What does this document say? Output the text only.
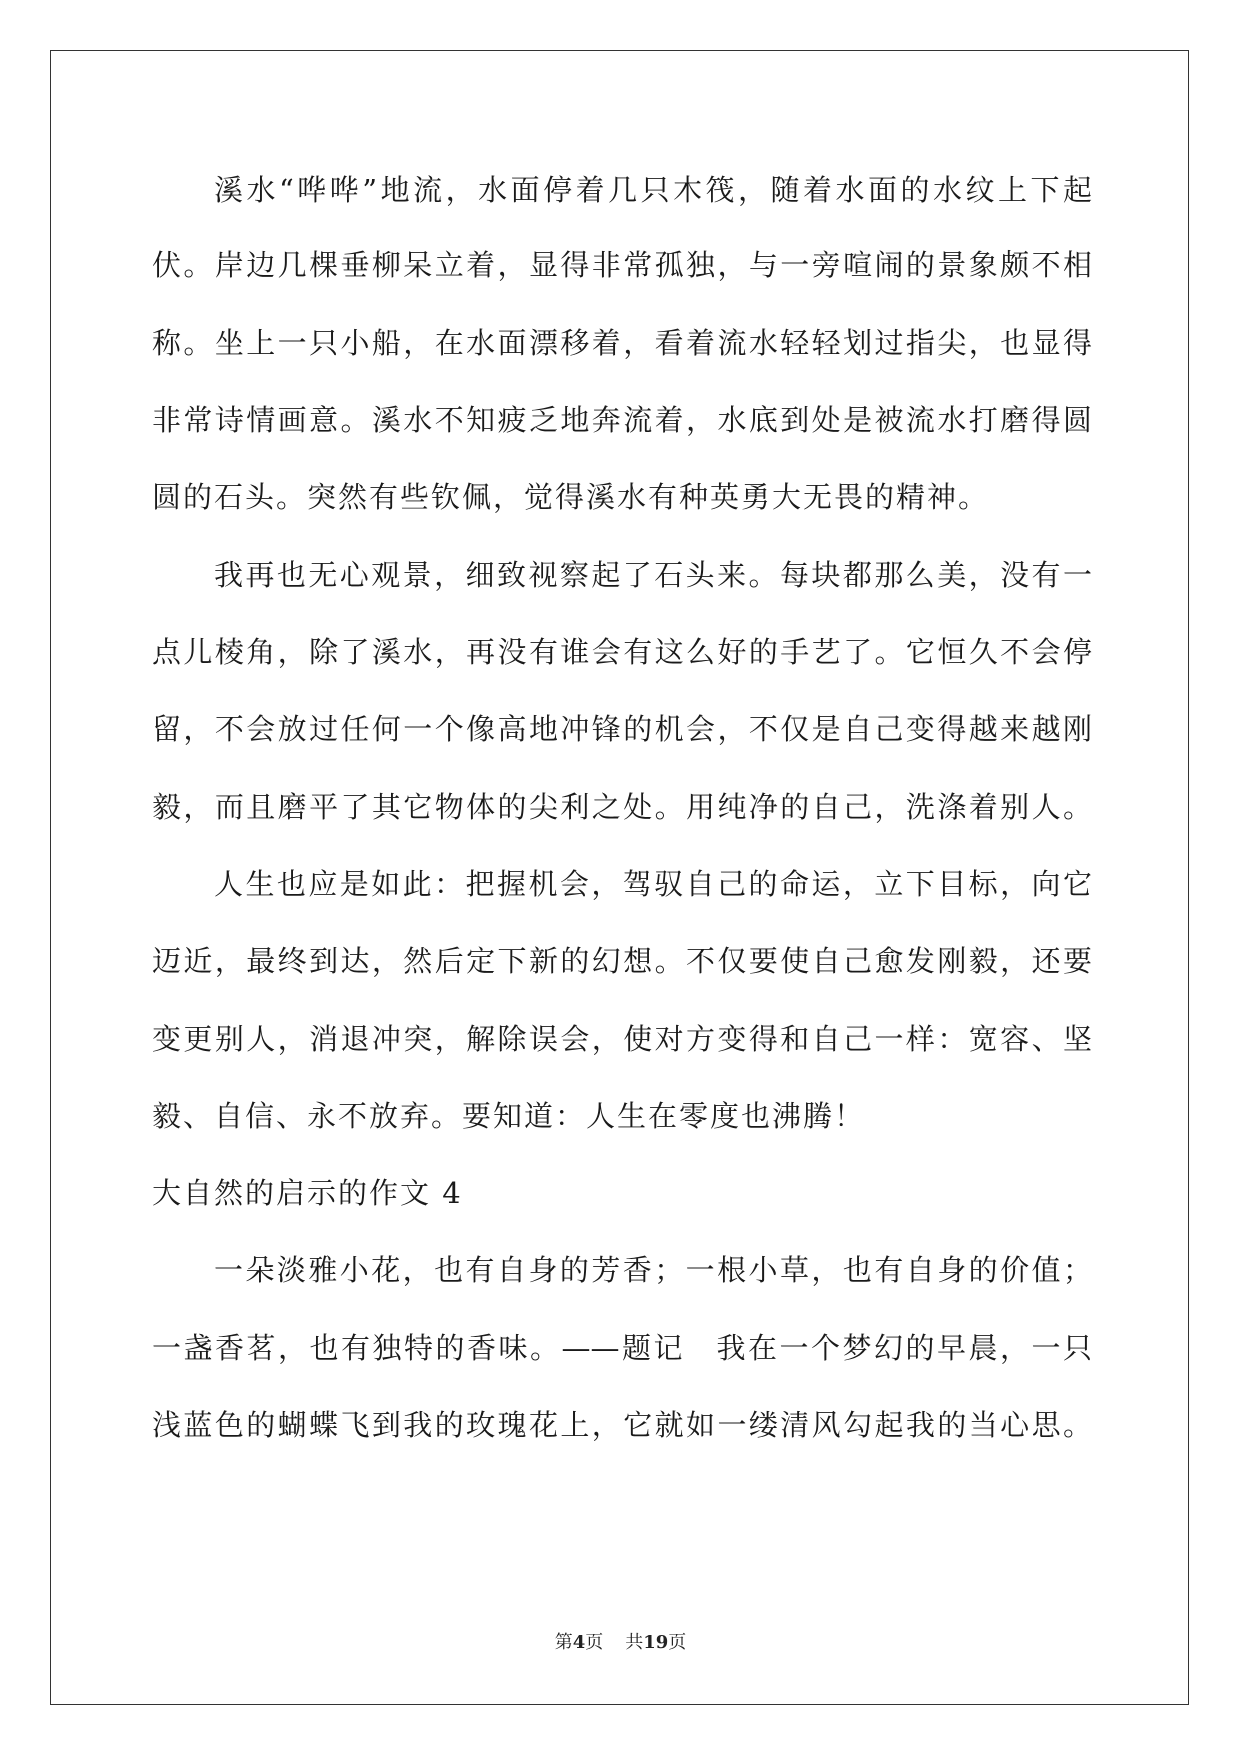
溪水“哗哗”地流，水面停着几只木筏，随着水面的水纹上下起

伏。岸边几棵垂柳呆立着，显得非常孤独，与一旁喧闹的景象颇不相

称。坐上一只小船，在水面漂移着，看着流水轻轻划过指尖，也显得

非常诗情画意。溪水不知疲乏地奔流着，水底到处是被流水打磨得圆

圆的石头。突然有些钦佩，觉得溪水有种英勇大无畏的精神。

我再也无心观景，细致视察起了石头来。每块都那么美，没有一

点儿棱角，除了溪水，再没有谁会有这么好的手艺了。它恒久不会停

留，不会放过任何一个像高地冲锋的机会，不仅是自己变得越来越刚

毅，而且磨平了其它物体的尖利之处。用纯净的自己，洗涤着别人。

人生也应是如此：把握机会，驾驭自己的命运，立下目标，向它

迈近，最终到达，然后定下新的幻想。不仅要使自己愈发刚毅，还要

变更别人，消退冲突，解除误会，使对方变得和自己一样：宽容、坚

毅、自信、永不放弃。要知道：人生在零度也沸腾！

大自然的启示的作文 4

一朵淡雅小花，也有自身的芳香；一根小草，也有自身的价值；

一盏香茗，也有独特的香味。——题记　我在一个梦幻的早晨，一只

浅蓝色的蝴蝶飞到我的玫瑰花上，它就如一缕清风勾起我的当心思。

第4页 共19页
